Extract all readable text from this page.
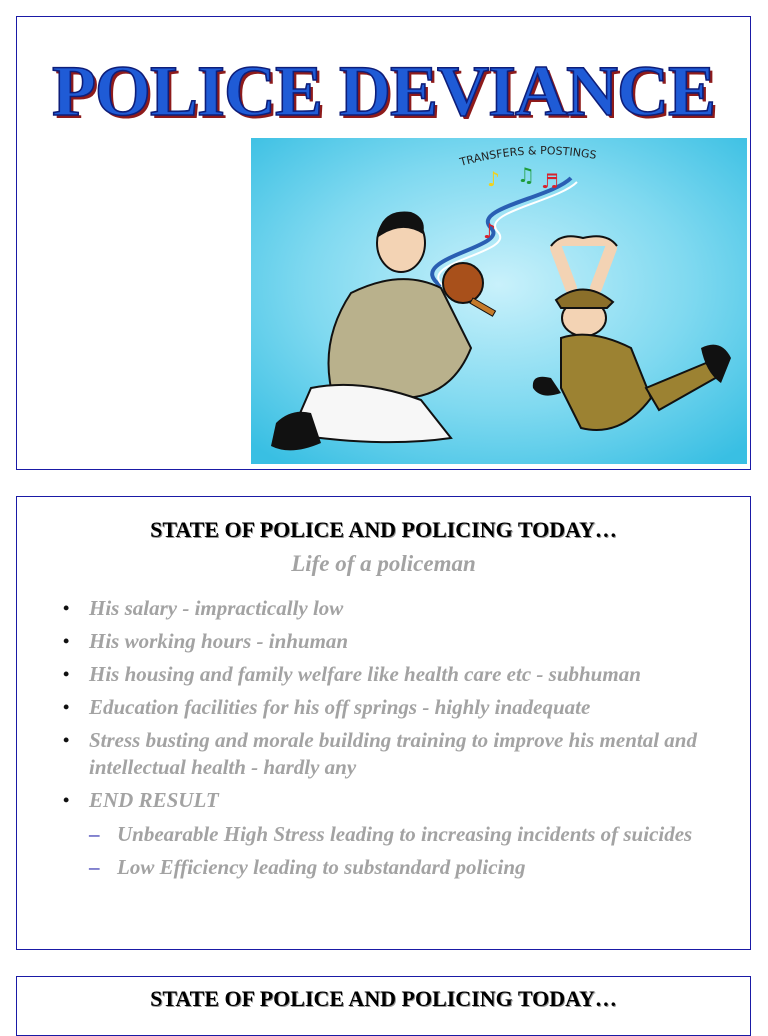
POLICE DEVIANCE
TRANSFERS & POSTINGS
♪ ♫ ♬
♪
STATE OF POLICE AND POLICING TODAY…

Life of a policeman

• His salary - impractically low
• His working hours - inhuman
• His housing and family welfare like health care etc - subhuman
• Education facilities for his off springs - highly inadequate
• Stress busting and morale building training to improve his mental and intellectual health - hardly any
• END RESULT
– Unbearable High Stress leading to increasing incidents of suicides
– Low Efficiency leading to substandard policing
STATE OF POLICE AND POLICING TODAY…
